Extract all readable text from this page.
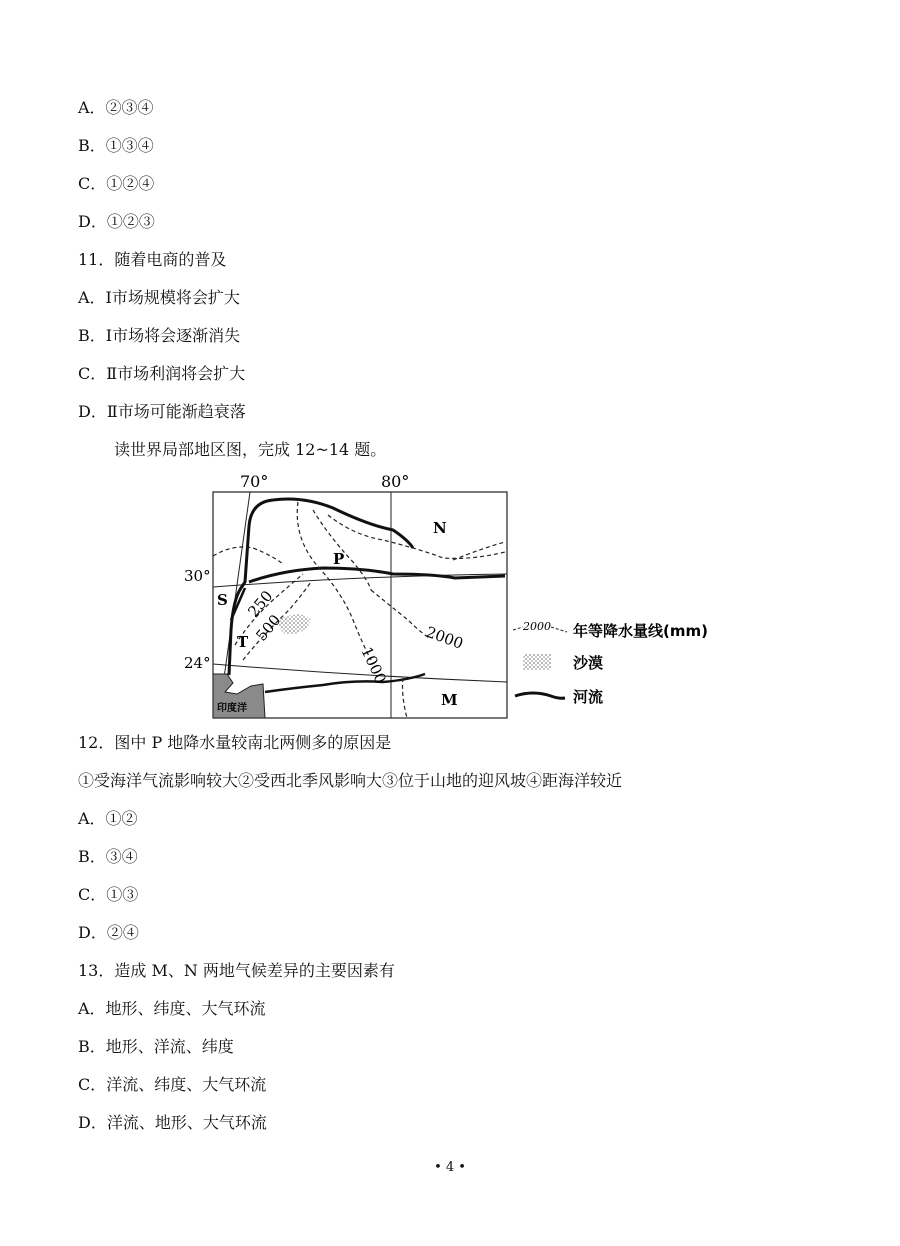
A．②③④
B．①③④
C．①②④
D．①②③
11．随着电商的普及
A．Ⅰ市场规模将会扩大
B．Ⅰ市场将会逐渐消失
C．Ⅱ市场利润将会扩大
D．Ⅱ市场可能渐趋衰落
读世界局部地区图，完成 12~14 题。
70°	80°
30°
24°
N
P
S
T
M
250
500
1000
2000
印度洋
2000 年等降水量线(mm)
沙漠
河流
12．图中 P 地降水量较南北两侧多的原因是
①受海洋气流影响较大②受西北季风影响大③位于山地的迎风坡④距海洋较近
A．①②
B．③④
C．①③
D．②④
13．造成 M、N 两地气候差异的主要因素有
A．地形、纬度、大气环流
B．地形、洋流、纬度
C．洋流、纬度、大气环流
D．洋流、地形、大气环流
• 4 •
